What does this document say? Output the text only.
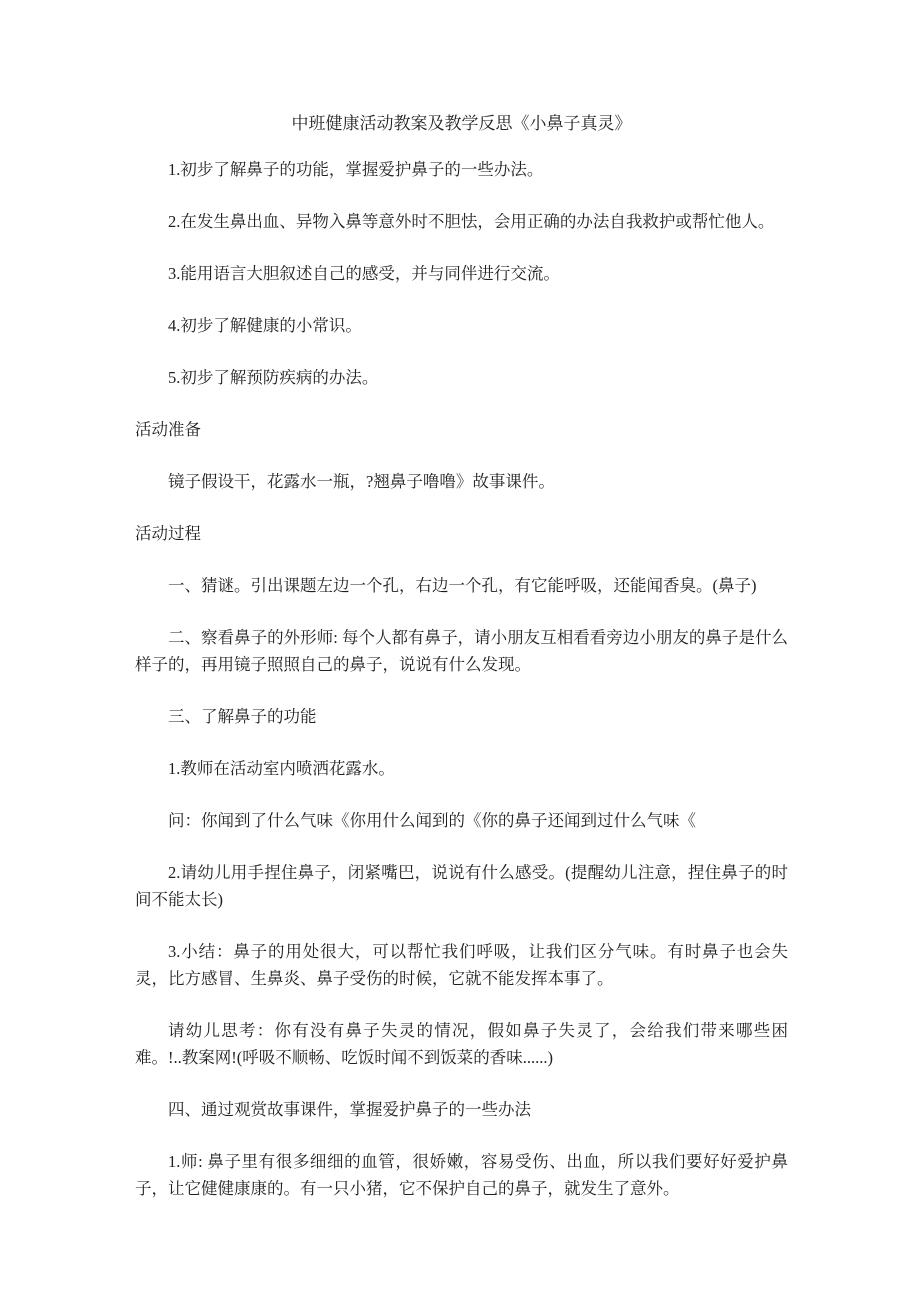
中班健康活动教案及教学反思《小鼻子真灵》

1.初步了解鼻子的功能，掌握爱护鼻子的一些办法。

2.在发生鼻出血、异物入鼻等意外时不胆怯，会用正确的办法自我救护或帮忙他人。

3.能用语言大胆叙述自己的感受，并与同伴进行交流。

4.初步了解健康的小常识。

5.初步了解预防疾病的办法。

活动准备

镜子假设干，花露水一瓶，?翘鼻子噜噜》故事课件。

活动过程

一、猜谜。引出课题左边一个孔，右边一个孔，有它能呼吸，还能闻香臭。(鼻子)

二、察看鼻子的外形师: 每个人都有鼻子，请小朋友互相看看旁边小朋友的鼻子是什么样子的，再用镜子照照自己的鼻子，说说有什么发现。

三、了解鼻子的功能

1.教师在活动室内喷洒花露水。

问：你闻到了什么气味《你用什么闻到的《你的鼻子还闻到过什么气味《

2.请幼儿用手捏住鼻子，闭紧嘴巴，说说有什么感受。(提醒幼儿注意，捏住鼻子的时间不能太长)

3.小结：鼻子的用处很大，可以帮忙我们呼吸，让我们区分气味。有时鼻子也会失灵，比方感冒、生鼻炎、鼻子受伤的时候，它就不能发挥本事了。

请幼儿思考：你有没有鼻子失灵的情况，假如鼻子失灵了，会给我们带来哪些困难。!..教案网!(呼吸不顺畅、吃饭时闻不到饭菜的香味......)

四、通过观赏故事课件，掌握爱护鼻子的一些办法

1.师: 鼻子里有很多细细的血管，很娇嫩，容易受伤、出血，所以我们要好好爱护鼻子，让它健健康康的。有一只小猪，它不保护自己的鼻子，就发生了意外。
